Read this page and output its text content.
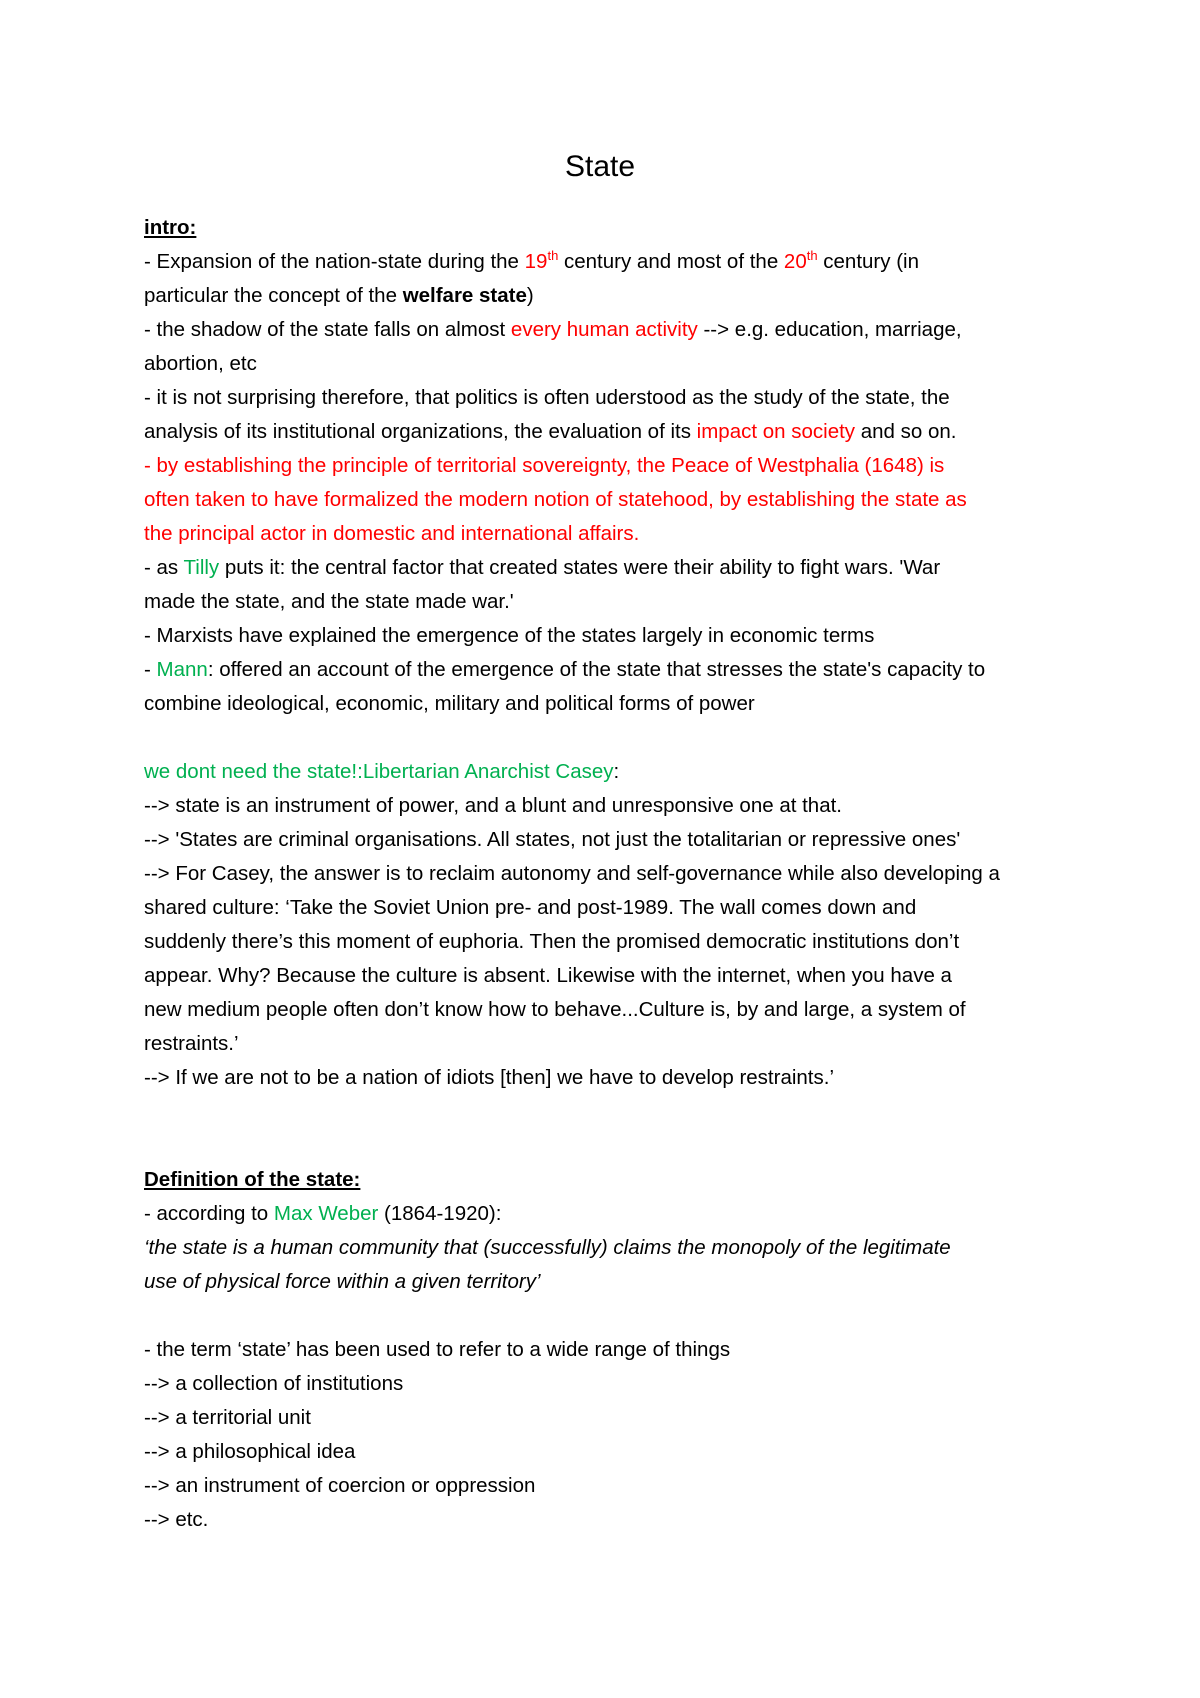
State
intro:
- Expansion of the nation-state during the 19th century and most of the 20th century (in
particular the concept of the welfare state)
- the shadow of the state falls on almost every human activity --> e.g. education, marriage,
abortion, etc
- it is not surprising therefore, that politics is often uderstood as the study of the state, the
analysis of its institutional organizations, the evaluation of its impact on society and so on.
- by establishing the principle of territorial sovereignty, the Peace of Westphalia (1648) is
often taken to have formalized the modern notion of statehood, by establishing the state as
the principal actor in domestic and international affairs.
- as Tilly puts it: the central factor that created states were their ability to fight wars. 'War
made the state, and the state made war.'
- Marxists have explained the emergence of the states largely in economic terms
- Mann: offered an account of the emergence of the state that stresses the state's capacity to
combine ideological, economic, military and political forms of power
we dont need the state!:Libertarian Anarchist Casey:
--> state is an instrument of power, and a blunt and unresponsive one at that.
--> 'States are criminal organisations. All states, not just the totalitarian or repressive ones'
--> For Casey, the answer is to reclaim autonomy and self-governance while also developing a
shared culture: ‘Take the Soviet Union pre- and post-1989. The wall comes down and
suddenly there’s this moment of euphoria. Then the promised democratic institutions don’t
appear. Why? Because the culture is absent. Likewise with the internet, when you have a
new medium people often don’t know how to behave...Culture is, by and large, a system of
restraints.’
--> If we are not to be a nation of idiots [then] we have to develop restraints.’
Definition of the state:
- according to Max Weber (1864-1920):
‘the state is a human community that (successfully) claims the monopoly of the legitimate
use of physical force within a given territory’
- the term ‘state’ has been used to refer to a wide range of things
--> a collection of institutions
--> a territorial unit
--> a philosophical idea
--> an instrument of coercion or oppression
--> etc.
